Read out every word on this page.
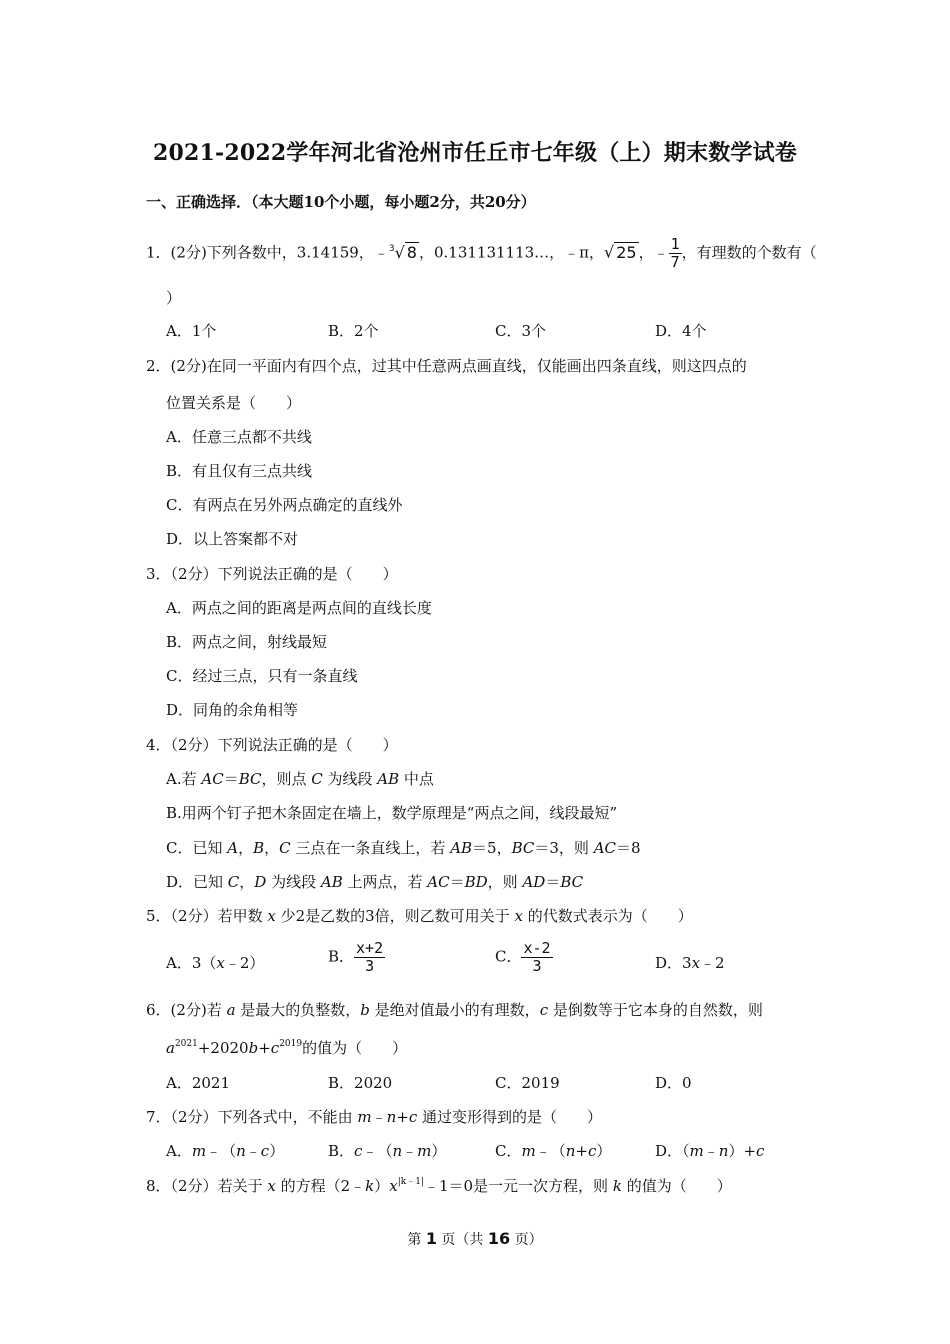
2021-2022学年河北省沧州市任丘市七年级（上）期末数学试卷
一、正确选择．（本大题10个小题，每小题2分，共20分）
1．(2分)下列各数中，3.14159，﹣$^3$√ 8 ，0.131131113…，﹣π，√ 25 ，﹣ $\frac{1}{7}$ ，有理数的个数有（
）
A．1个	B．2个	C．3个	D．4个
2．(2分)在同一平面内有四个点，过其中任意两点画直线，仅能画出四条直线，则这四点的
位置关系是（　　）
A．任意三点都不共线
B．有且仅有三点共线
C．有两点在另外两点确定的直线外
D．以上答案都不对
3．（2分）下列说法正确的是（　　）
A．两点之间的距离是两点间的直线长度
B．两点之间，射线最短
C．经过三点，只有一条直线
D．同角的余角相等
4．（2分）下列说法正确的是（　　）
A.若 AC＝BC，则点 C 为线段 AB 中点
B.用两个钉子把木条固定在墙上，数学原理是“两点之间，线段最短”
C．已知 A，B，C 三点在一条直线上，若 AB＝5，BC＝3，则 AC＝8
D．已知 C，D 为线段 AB 上两点，若 AC＝BD，则 AD＝BC
5．（2分）若甲数 x 少2是乙数的3倍，则乙数可用关于 x 的代数式表示为（　　）
A．3（x﹣2）	B． $\frac{x+2}{3}$	C． $\frac{x-2}{3}$	D．3x﹣2
6．(2分)若 a 是最大的负整数，b 是绝对值最小的有理数，c 是倒数等于它本身的自然数，则
$a^{2021}+2020b+c^{2019}$的值为（　　）
A．2021	B．2020	C．2019	D．0
7．（2分）下列各式中，不能由 m﹣n+c 通过变形得到的是（　　）
A．m﹣（n﹣c）	B．c﹣（n﹣m）	C．m﹣（n+c）	D．（m﹣n）+c
8．（2分）若关于 x 的方程$(2﹣k)x^{|k﹣1|}﹣1=0$是一元一次方程，则 k 的值为（　　）
第 1 页（共 16 页）
